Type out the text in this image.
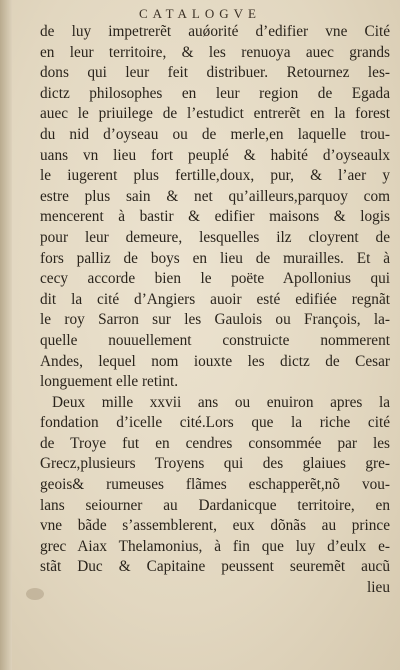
CATALOGVE
de luy impetrerẽt auǿorité d’edifier vne Cité
en leur territoire, & les renuoya auec grands
dons qui leur feit distribuer. Retournez les-
dictz philosophes en leur region de Egada
auec le priuilege de l’estudict entrerẽt en la forest
du nid d’oyseau ou de merle,en laquelle trou-
uans vn lieu fort peuplé & habité d’oyseaulx
le iugerent plus fertille,doux, pur, & l’aer y
estre plus sain & net qu’ailleurs,parquoy com
mencerent à bastir & edifier maisons & logis
pour leur demeure, lesquelles ilz cloyrent de
fors palliz de boys en lieu de murailles. Et à
cecy accorde bien le poëte Apollonius qui
dit la cité d’Angiers auoir esté edifiée regnãt
le roy Sarron sur les Gaulois ou François, la-
quelle nouuellement construicte nommerent
Andes, lequel nom iouxte les dictz de Cesar
longuement elle retint.
Deux mille xxvii ans ou enuiron apres la
fondation d’icelle cité.Lors que la riche cité
de Troye fut en cendres consommée par les
Grecz,plusieurs Troyens qui des glaiues gre-
geois& rumeuses flãmes eschapperẽt,nõ vou-
lans seiourner au Dardanicque territoire, en
vne bãde s’assemblerent, eux dõnãs au prince
grec Aiax Thelamonius, à fin que luy d’eulx e-
stãt Duc & Capitaine peussent seuremẽt aucũ
lieu
